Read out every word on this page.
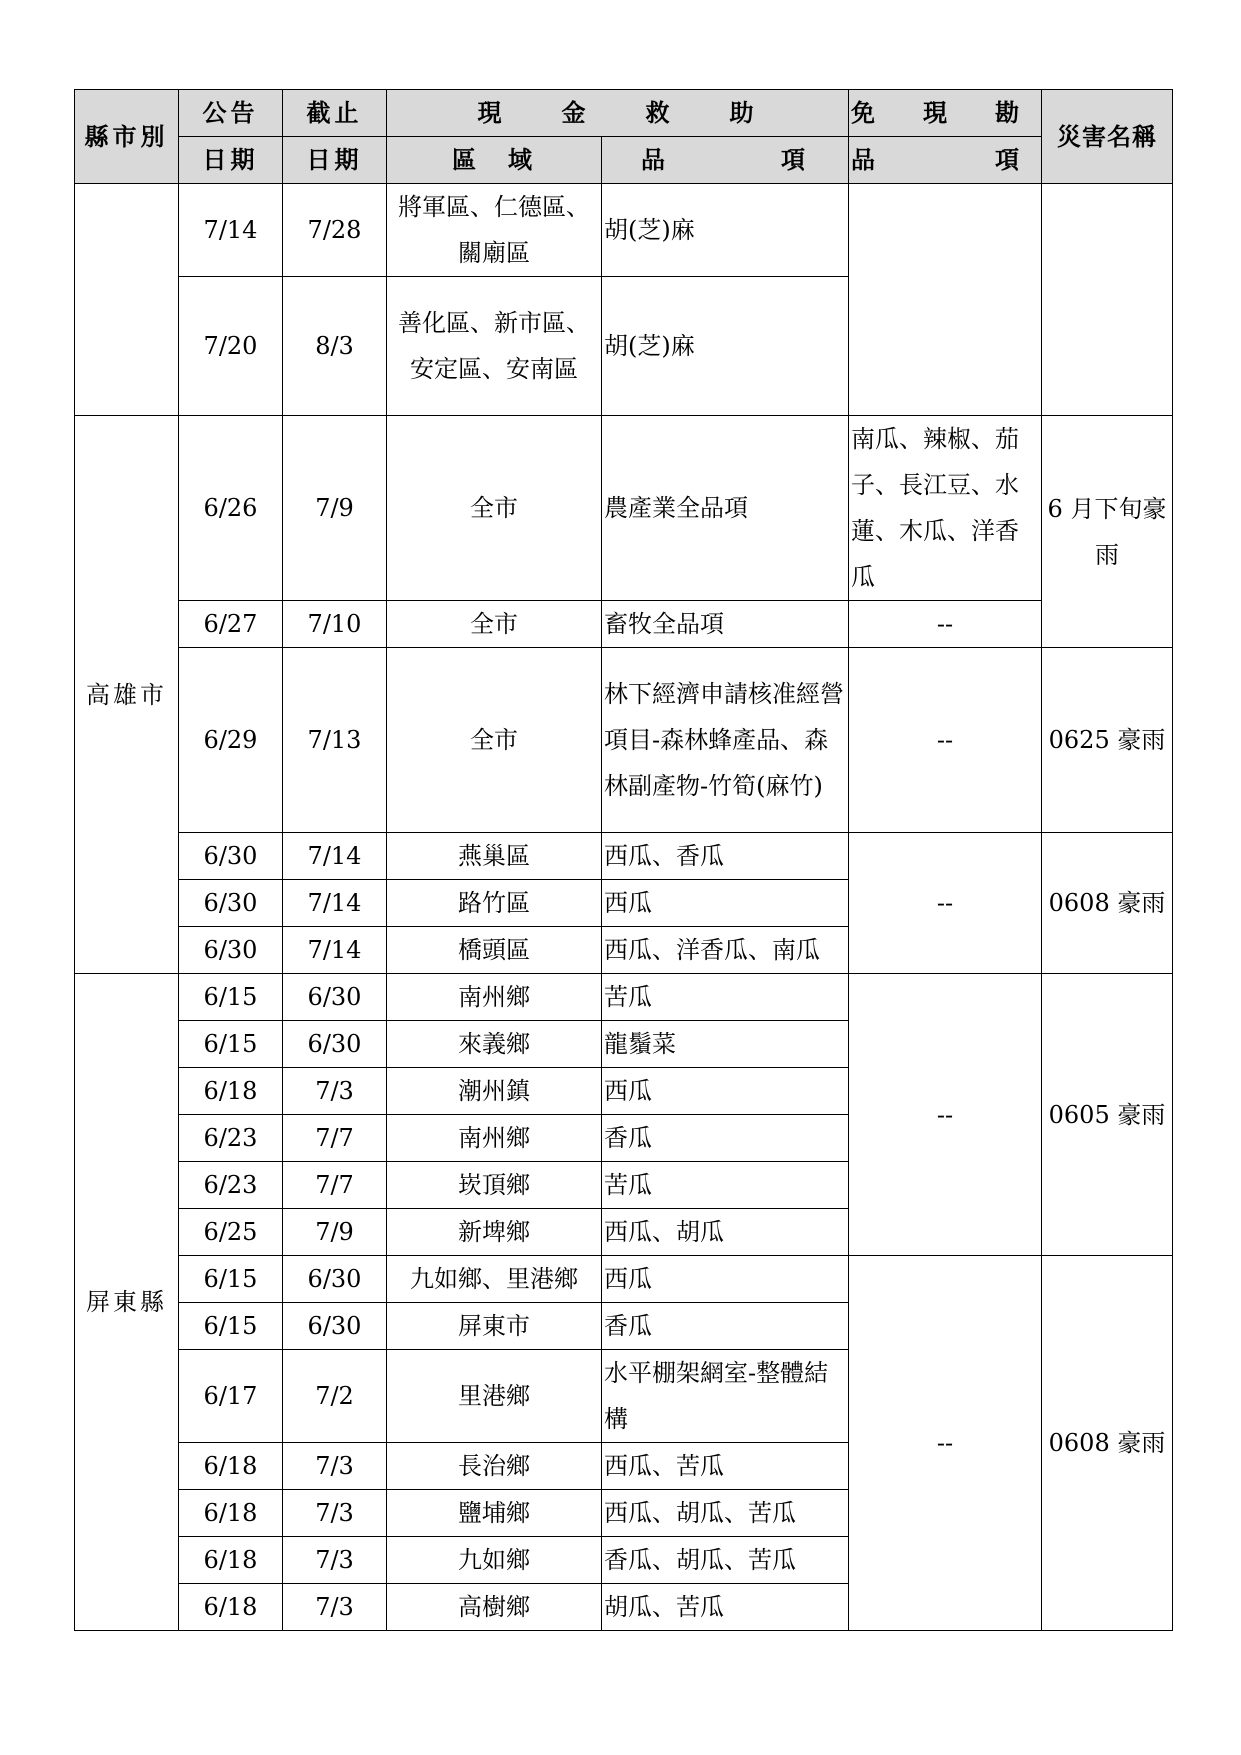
縣市別	公告	截止	現　　金　　救　　助		免　　現　　勘	災害名稱
	日期	日期	區　域	品　　　　項	品　　　　　項	
	7/14	7/28	將軍區、仁德區、關廟區	胡(芝)麻		
	7/20	8/3	善化區、新市區、安定區、安南區	胡(芝)麻		
高雄市	6/26	7/9	全市	農產業全品項	南瓜、辣椒、茄子、長江豆、水蓮、木瓜、洋香瓜	6 月下旬豪雨
	6/27	7/10	全市	畜牧全品項	--	
	6/29	7/13	全市	林下經濟申請核准經營項目-森林蜂產品、森林副產物-竹筍(麻竹)	--	0625 豪雨
	6/30	7/14	燕巢區	西瓜、香瓜	--	0608 豪雨
	6/30	7/14	路竹區	西瓜		
	6/30	7/14	橋頭區	西瓜、洋香瓜、南瓜		
屏東縣	6/15	6/30	南州鄉	苦瓜	--	0605 豪雨
	6/15	6/30	來義鄉	龍鬚菜		
	6/18	7/3	潮州鎮	西瓜		
	6/23	7/7	南州鄉	香瓜		
	6/23	7/7	崁頂鄉	苦瓜		
	6/25	7/9	新埤鄉	西瓜、胡瓜		
	6/15	6/30	九如鄉、里港鄉	西瓜	--	0608 豪雨
	6/15	6/30	屏東市	香瓜		
	6/17	7/2	里港鄉	水平棚架網室-整體結構		
	6/18	7/3	長治鄉	西瓜、苦瓜		
	6/18	7/3	鹽埔鄉	西瓜、胡瓜、苦瓜		
	6/18	7/3	九如鄉	香瓜、胡瓜、苦瓜		
	6/18	7/3	高樹鄉	胡瓜、苦瓜		
